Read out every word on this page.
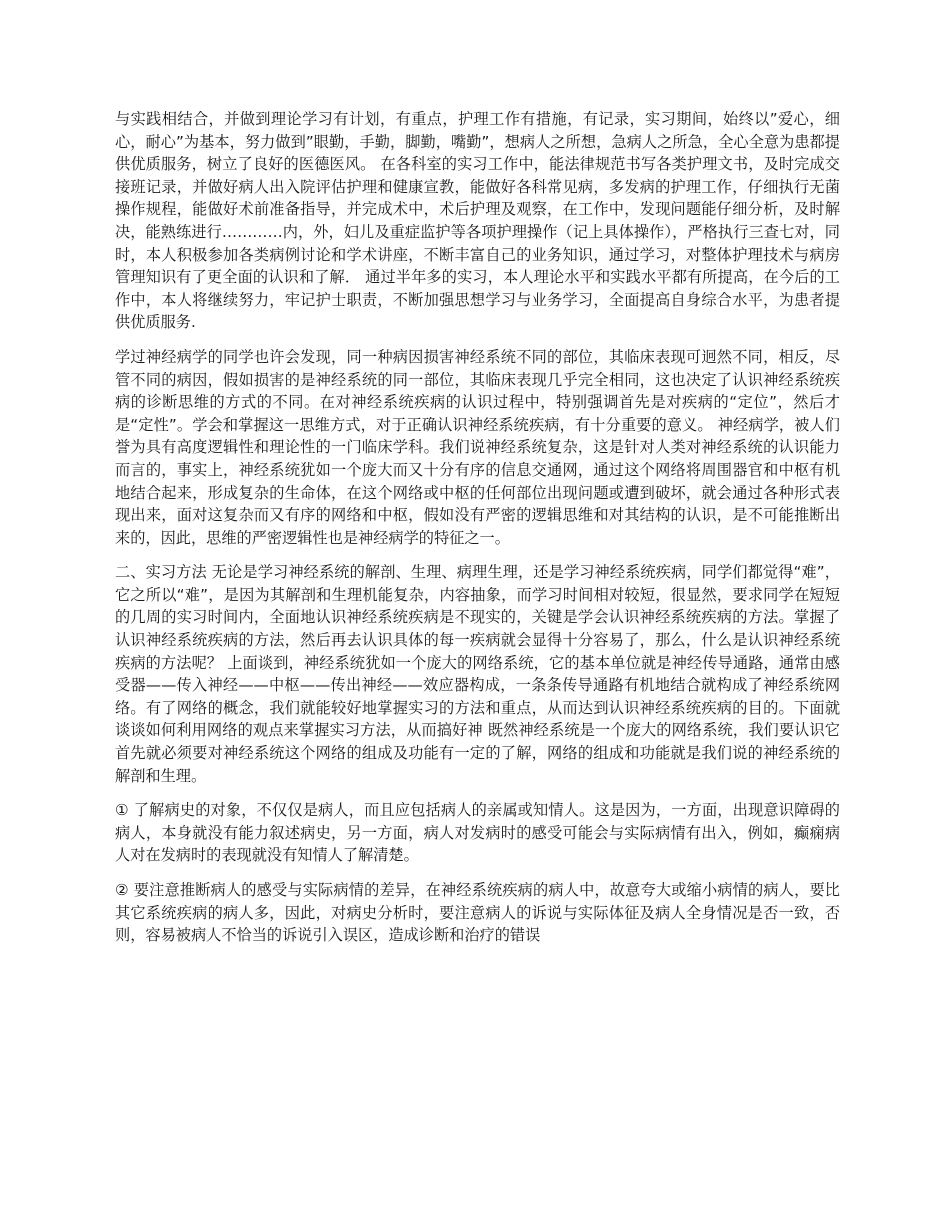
与实践相结合，并做到理论学习有计划，有重点，护理工作有措施，有记录，实习期间，始终以”爱心，细心，耐心”为基本，努力做到”眼勤，手勤，脚勤，嘴勤”，想病人之所想，急病人之所急，全心全意为患都提供优质服务，树立了良好的医德医风。 在各科室的实习工作中，能法律规范书写各类护理文书，及时完成交接班记录，并做好病人出入院评估护理和健康宣教，能做好各科常见病，多发病的护理工作，仔细执行无菌操作规程，能做好术前准备指导，并完成术中，术后护理及观察，在工作中，发现问题能仔细分析，及时解决，能熟练进行…………内，外，妇儿及重症监护等各项护理操作（记上具体操作），严格执行三查七对，同时，本人积极参加各类病例讨论和学术讲座，不断丰富自己的业务知识，通过学习，对整体护理技术与病房管理知识有了更全面的认识和了解． 通过半年多的实习，本人理论水平和实践水平都有所提高，在今后的工作中，本人将继续努力，牢记护士职责，不断加强思想学习与业务学习，全面提高自身综合水平，为患者提供优质服务.

学过神经病学的同学也许会发现，同一种病因损害神经系统不同的部位，其临床表现可迥然不同，相反，尽管不同的病因，假如损害的是神经系统的同一部位，其临床表现几乎完全相同，这也决定了认识神经系统疾病的诊断思维的方式的不同。在对神经系统疾病的认识过程中，特别强调首先是对疾病的“定位”，然后才是“定性”。学会和掌握这一思维方式，对于正确认识神经系统疾病，有十分重要的意义。 神经病学，被人们誉为具有高度逻辑性和理论性的一门临床学科。我们说神经系统复杂，这是针对人类对神经系统的认识能力而言的，事实上，神经系统犹如一个庞大而又十分有序的信息交通网，通过这个网络将周围器官和中枢有机地结合起来，形成复杂的生命体，在这个网络或中枢的任何部位出现问题或遭到破坏，就会通过各种形式表现出来，面对这复杂而又有序的网络和中枢，假如没有严密的逻辑思维和对其结构的认识，是不可能推断出来的，因此，思维的严密逻辑性也是神经病学的特征之一。

二、实习方法 无论是学习神经系统的解剖、生理、病理生理，还是学习神经系统疾病，同学们都觉得“难”，它之所以“难”，是因为其解剖和生理机能复杂，内容抽象，而学习时间相对较短，很显然，要求同学在短短的几周的实习时间内，全面地认识神经系统疾病是不现实的，关键是学会认识神经系统疾病的方法。掌握了认识神经系统疾病的方法，然后再去认识具体的每一疾病就会显得十分容易了，那么，什么是认识神经系统疾病的方法呢？ 上面谈到，神经系统犹如一个庞大的网络系统，它的基本单位就是神经传导通路，通常由感受器——传入神经——中枢——传出神经——效应器构成，一条条传导通路有机地结合就构成了神经系统网络。有了网络的概念，我们就能较好地掌握实习的方法和重点，从而达到认识神经系统疾病的目的。下面就谈谈如何利用网络的观点来掌握实习方法，从而搞好神 既然神经系统是一个庞大的网络系统，我们要认识它首先就必须要对神经系统这个网络的组成及功能有一定的了解，网络的组成和功能就是我们说的神经系统的解剖和生理。

① 了解病史的对象，不仅仅是病人，而且应包括病人的亲属或知情人。这是因为，一方面，出现意识障碍的病人，本身就没有能力叙述病史，另一方面，病人对发病时的感受可能会与实际病情有出入，例如，癫痫病人对在发病时的表现就没有知情人了解清楚。

② 要注意推断病人的感受与实际病情的差异，在神经系统疾病的病人中，故意夸大或缩小病情的病人，要比其它系统疾病的病人多，因此，对病史分析时，要注意病人的诉说与实际体征及病人全身情况是否一致，否则，容易被病人不恰当的诉说引入误区，造成诊断和治疗的错误
